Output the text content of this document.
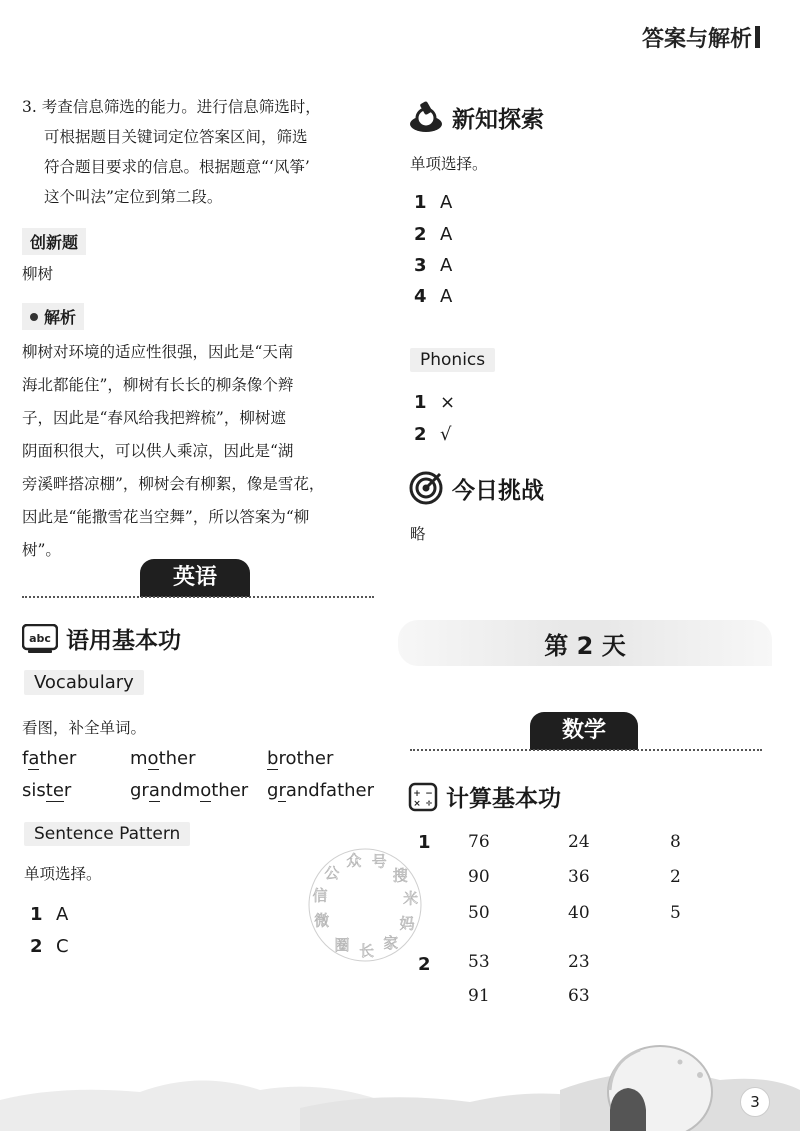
答案与解析
3. 考查信息筛选的能力。进行信息筛选时，
可根据题目关键词定位答案区间，筛选
符合题目要求的信息。根据题意“‘风筝’
这个叫法”定位到第二段。
创新题
柳树
解析
柳树对环境的适应性很强，因此是“天南
海北都能住”，柳树有长长的柳条像个辫
子，因此是“春风给我把辫梳”，柳树遮
阴面积很大，可以供人乘凉，因此是“湖
旁溪畔搭凉棚”，柳树会有柳絮，像是雪花，
因此是“能撒雪花当空舞”，所以答案为“柳
树”。
英语
abc 语用基本功
Vocabulary
看图，补全单词。
father	mother	brother
sister	grandmother grandfather
Sentence Pattern
单项选择。
1 A
2 C
新知探索
单项选择。
1 A
2 A
3 A
4 A
Phonics
1 ×
2 √
今日挑战
略
第 2 天
数学
+ −
× ÷ 计算基本功
1 76	24	8
90	36	2
50	40	5
2 53	23
91	63
微
信
公
众 号
搜
米
妈
家
长
圈
3
